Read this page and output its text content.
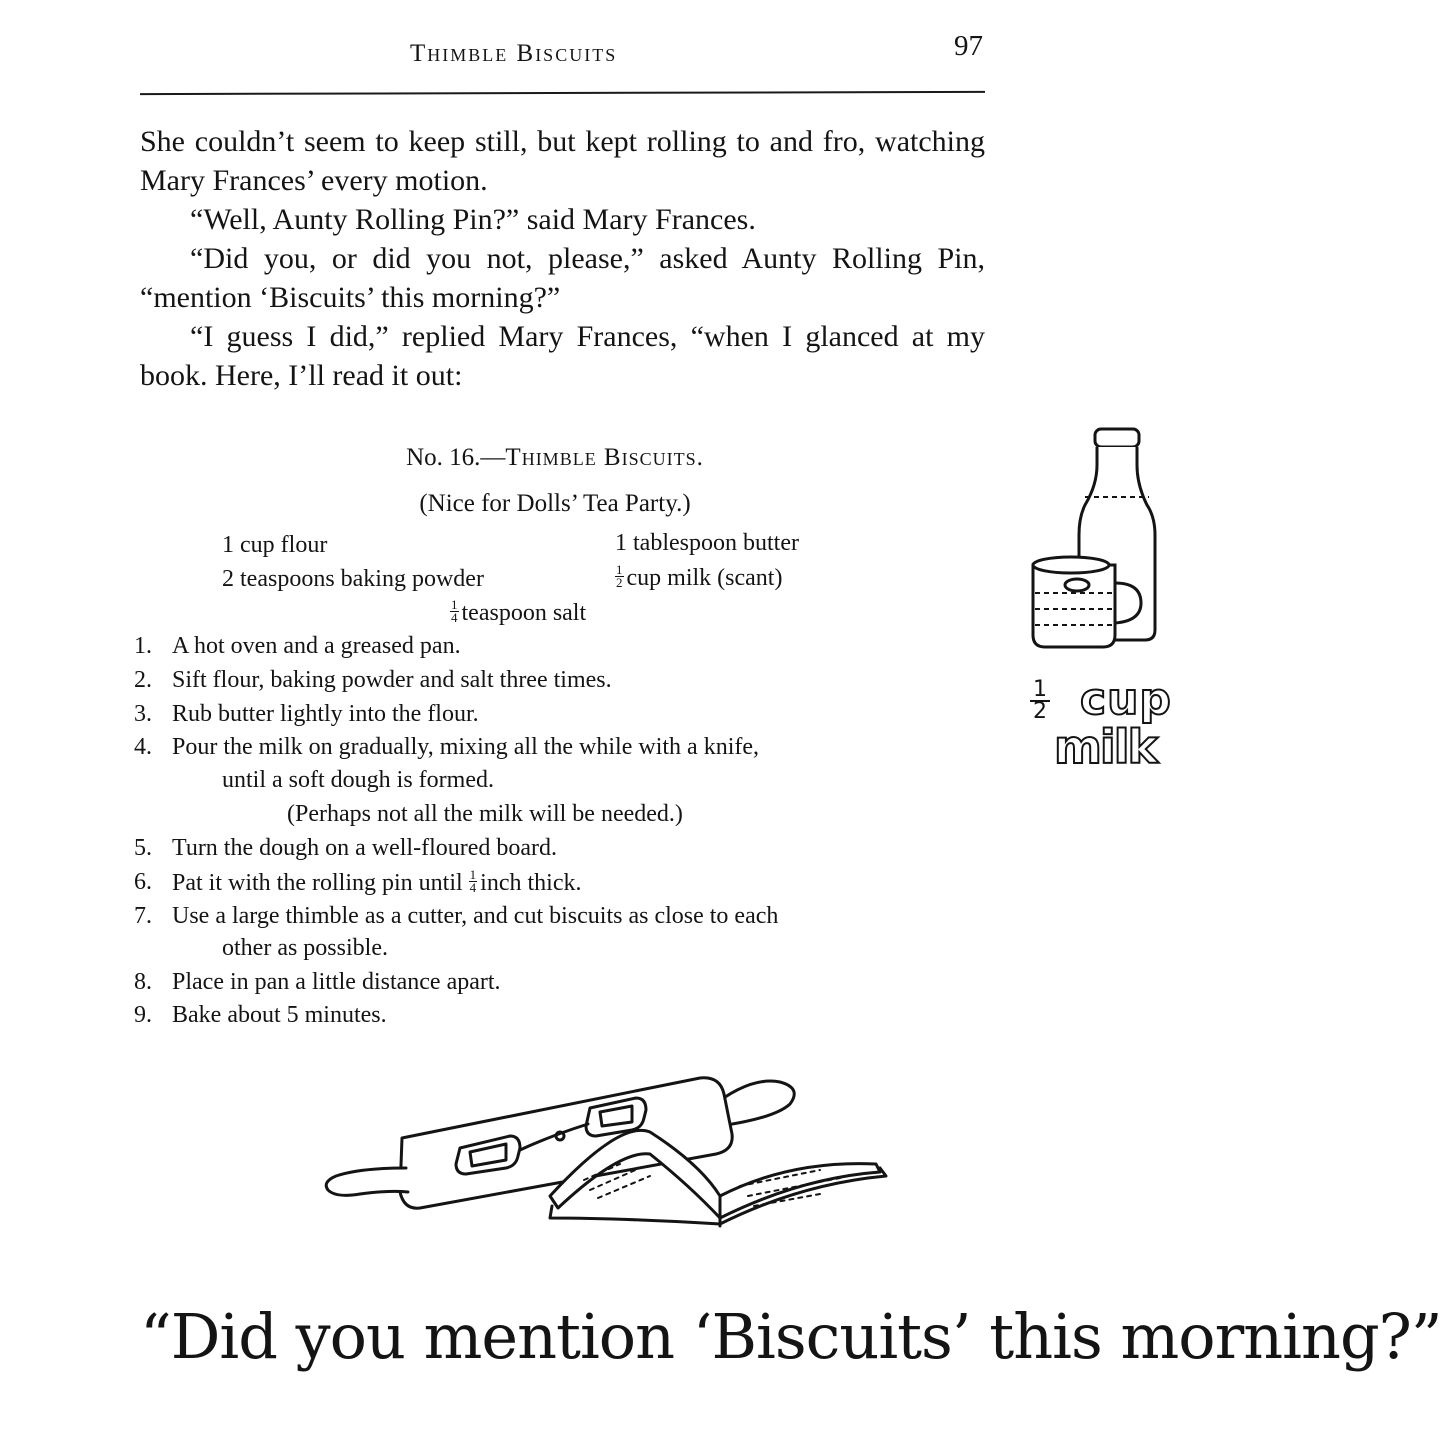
Thimble Biscuits	97

She couldn’t seem to keep still, but kept rolling to and fro, watching Mary Frances’ every motion.

“Well, Aunty Rolling Pin?” said Mary Frances.

“Did you, or did you not, please,” asked Aunty Rolling Pin, “mention ‘Biscuits’ this morning?”

“I guess I did,” replied Mary Frances, “when I glanced at my book. Here, I’ll read it out:

No. 16.—Thimble Biscuits.
(Nice for Dolls’ Tea Party.)
1 cup flour	1 tablespoon butter
2 teaspoons baking powder	$\frac{1}{2}$ cup milk (scant)
$\frac{1}{4}$ teaspoon salt
1. A hot oven and a greased pan.
2. Sift flour, baking powder and salt three times.
3. Rub butter lightly into the flour.
4. Pour the milk on gradually, mixing all the while with a knife,
until a soft dough is formed.
(Perhaps not all the milk will be needed.)
5. Turn the dough on a well-floured board.
6. Pat it with the rolling pin until $\frac{1}{4}$ inch thick.
7. Use a large thimble as a cutter, and cut biscuits as close to each
other as possible.
8. Place in pan a little distance apart.
9. Bake about 5 minutes.
1
2 cup
milk
“Did you mention ‘Biscuits’ this morning?”
